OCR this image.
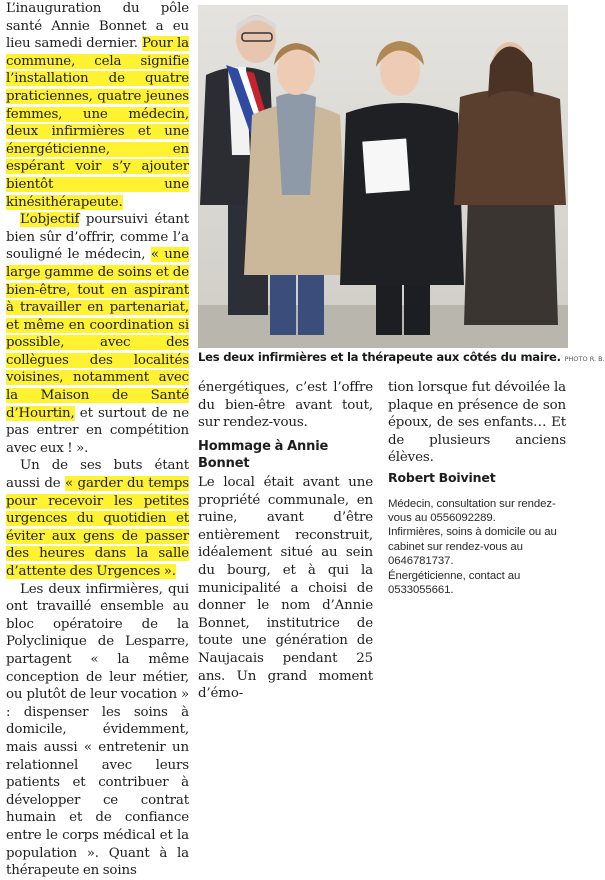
L’inauguration du pôle santé Annie Bonnet a eu lieu samedi dernier. Pour la commune, cela signifie l’installation de quatre praticiennes, quatre jeunes femmes, une médecin, deux infirmières et une énergéticienne, en espérant voir s’y ajouter bientôt une kinésithérapeute.

L’objectif poursuivi étant bien sûr d’offrir, comme l’a souligné le médecin, « une large gamme de soins et de bien-être, tout en aspirant à travailler en partenariat, et même en coordination si possible, avec des collègues des localités voisines, notamment avec la Maison de Santé d’Hourtin, et surtout de ne pas entrer en compétition avec eux ! ».

Un de ses buts étant aussi de « garder du temps pour recevoir les petites urgences du quotidien et éviter aux gens de passer des heures dans la salle d’attente des Urgences ».

Les deux infirmières, qui ont travaillé ensemble au bloc opératoire de la Polyclinique de Lesparre, partagent « la même conception de leur métier, ou plutôt de leur vocation » : dispenser les soins à domicile, évidemment, mais aussi « entretenir un relationnel avec leurs patients et contribuer à développer ce contrat humain et de confiance entre le corps médical et la population ». Quant à la thérapeute en soins

Les deux infirmières et la thérapeute aux côtés du maire. PHOTO R. B.

énergétiques, c’est l’offre du bien-être avant tout, sur rendez-vous.

Hommage à Annie Bonnet

Le local était avant une propriété communale, en ruine, avant d’être entièrement reconstruit, idéalement situé au sein du bourg, et à qui la municipalité a choisi de donner le nom d’Annie Bonnet, institutrice de toute une génération de Naujacais pendant 25 ans. Un grand moment d’émo-

tion lorsque fut dévoilée la plaque en présence de son époux, de ses enfants… Et de plusieurs anciens élèves.

Robert Boivinet

Médecin, consultation sur rendez-vous au 0556092289.

Infirmières, soins à domicile ou au cabinet sur rendez-vous au 0646781737.

Énergéticienne, contact au 0533055661.
